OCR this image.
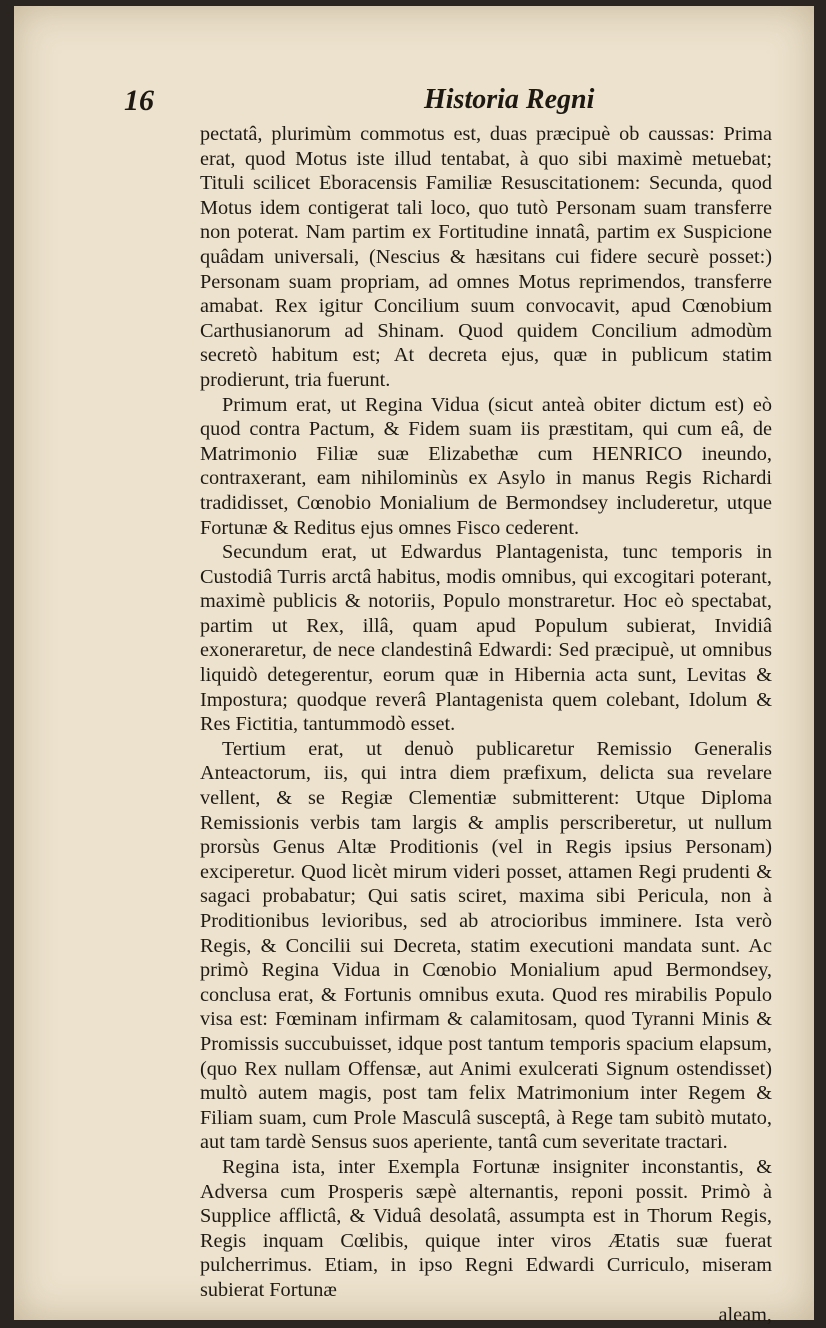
16	Historia Regni

pectatâ, plurimùm commotus est, duas præcipuè ob caussas: Prima erat, quod Motus iste illud tentabat, à quo sibi maximè metuebat; Tituli scilicet Eboracensis Familiæ Resuscitationem: Secunda, quod Motus idem contigerat tali loco, quo tutò Personam suam transferre non poterat. Nam partim ex Fortitudine innatâ, partim ex Suspicione quâdam universali, (Nescius & hæsitans cui fidere securè posset:) Personam suam propriam, ad omnes Motus reprimendos, transferre amabat. Rex igitur Concilium suum convocavit, apud Cœnobium Carthusianorum ad Shinam. Quod quidem Concilium admodùm secretò habitum est; At decreta ejus, quæ in publicum statim prodierunt, tria fuerunt.

Primum erat, ut Regina Vidua (sicut anteà obiter dictum est) eò quod contra Pactum, & Fidem suam iis præstitam, qui cum eâ, de Matrimonio Filiæ suæ Elizabethæ cum HENRICO ineundo, contraxerant, eam nihilominùs ex Asylo in manus Regis Richardi tradidisset, Cœnobio Monialium de Bermondsey includeretur, utque Fortunæ & Reditus ejus omnes Fisco cederent.

Secundum erat, ut Edwardus Plantagenista, tunc temporis in Custodiâ Turris arctâ habitus, modis omnibus, qui excogitari poterant, maximè publicis & notoriis, Populo monstraretur. Hoc eò spectabat, partim ut Rex, illâ, quam apud Populum subierat, Invidiâ exoneraretur, de nece clandestinâ Edwardi: Sed præcipuè, ut omnibus liquidò detegerentur, eorum quæ in Hibernia acta sunt, Levitas & Impostura; quodque reverâ Plantagenista quem colebant, Idolum & Res Fictitia, tantummodò esset.

Tertium erat, ut denuò publicaretur Remissio Generalis Anteactorum, iis, qui intra diem præfixum, delicta sua revelare vellent, & se Regiæ Clementiæ submitterent: Utque Diploma Remissionis verbis tam largis & amplis perscriberetur, ut nullum prorsùs Genus Altæ Proditionis (vel in Regis ipsius Personam) exciperetur. Quod licèt mirum videri posset, attamen Regi prudenti & sagaci probabatur; Qui satis sciret, maxima sibi Pericula, non à Proditionibus levioribus, sed ab atrocioribus imminere. Ista verò Regis, & Concilii sui Decreta, statim executioni mandata sunt. Ac primò Regina Vidua in Cœnobio Monialium apud Bermondsey, conclusa erat, & Fortunis omnibus exuta. Quod res mirabilis Populo visa est: Fœminam infirmam & calamitosam, quod Tyranni Minis & Promissis succubuisset, idque post tantum temporis spacium elapsum, (quo Rex nullam Offensæ, aut Animi exulcerati Signum ostendisset) multò autem magis, post tam felix Matrimonium inter Regem & Filiam suam, cum Prole Masculâ susceptâ, à Rege tam subitò mutato, aut tam tardè Sensus suos aperiente, tantâ cum severitate tractari.

Regina ista, inter Exempla Fortunæ insigniter inconstantis, & Adversa cum Prosperis sæpè alternantis, reponi possit. Primò à Supplice afflictâ, & Viduâ desolatâ, assumpta est in Thorum Regis, Regis inquam Cœlibis, quique inter viros Ætatis suæ fuerat pulcherrimus. Etiam, in ipso Regni Edwardi Curriculo, miseram subierat Fortunæ

aleam,
